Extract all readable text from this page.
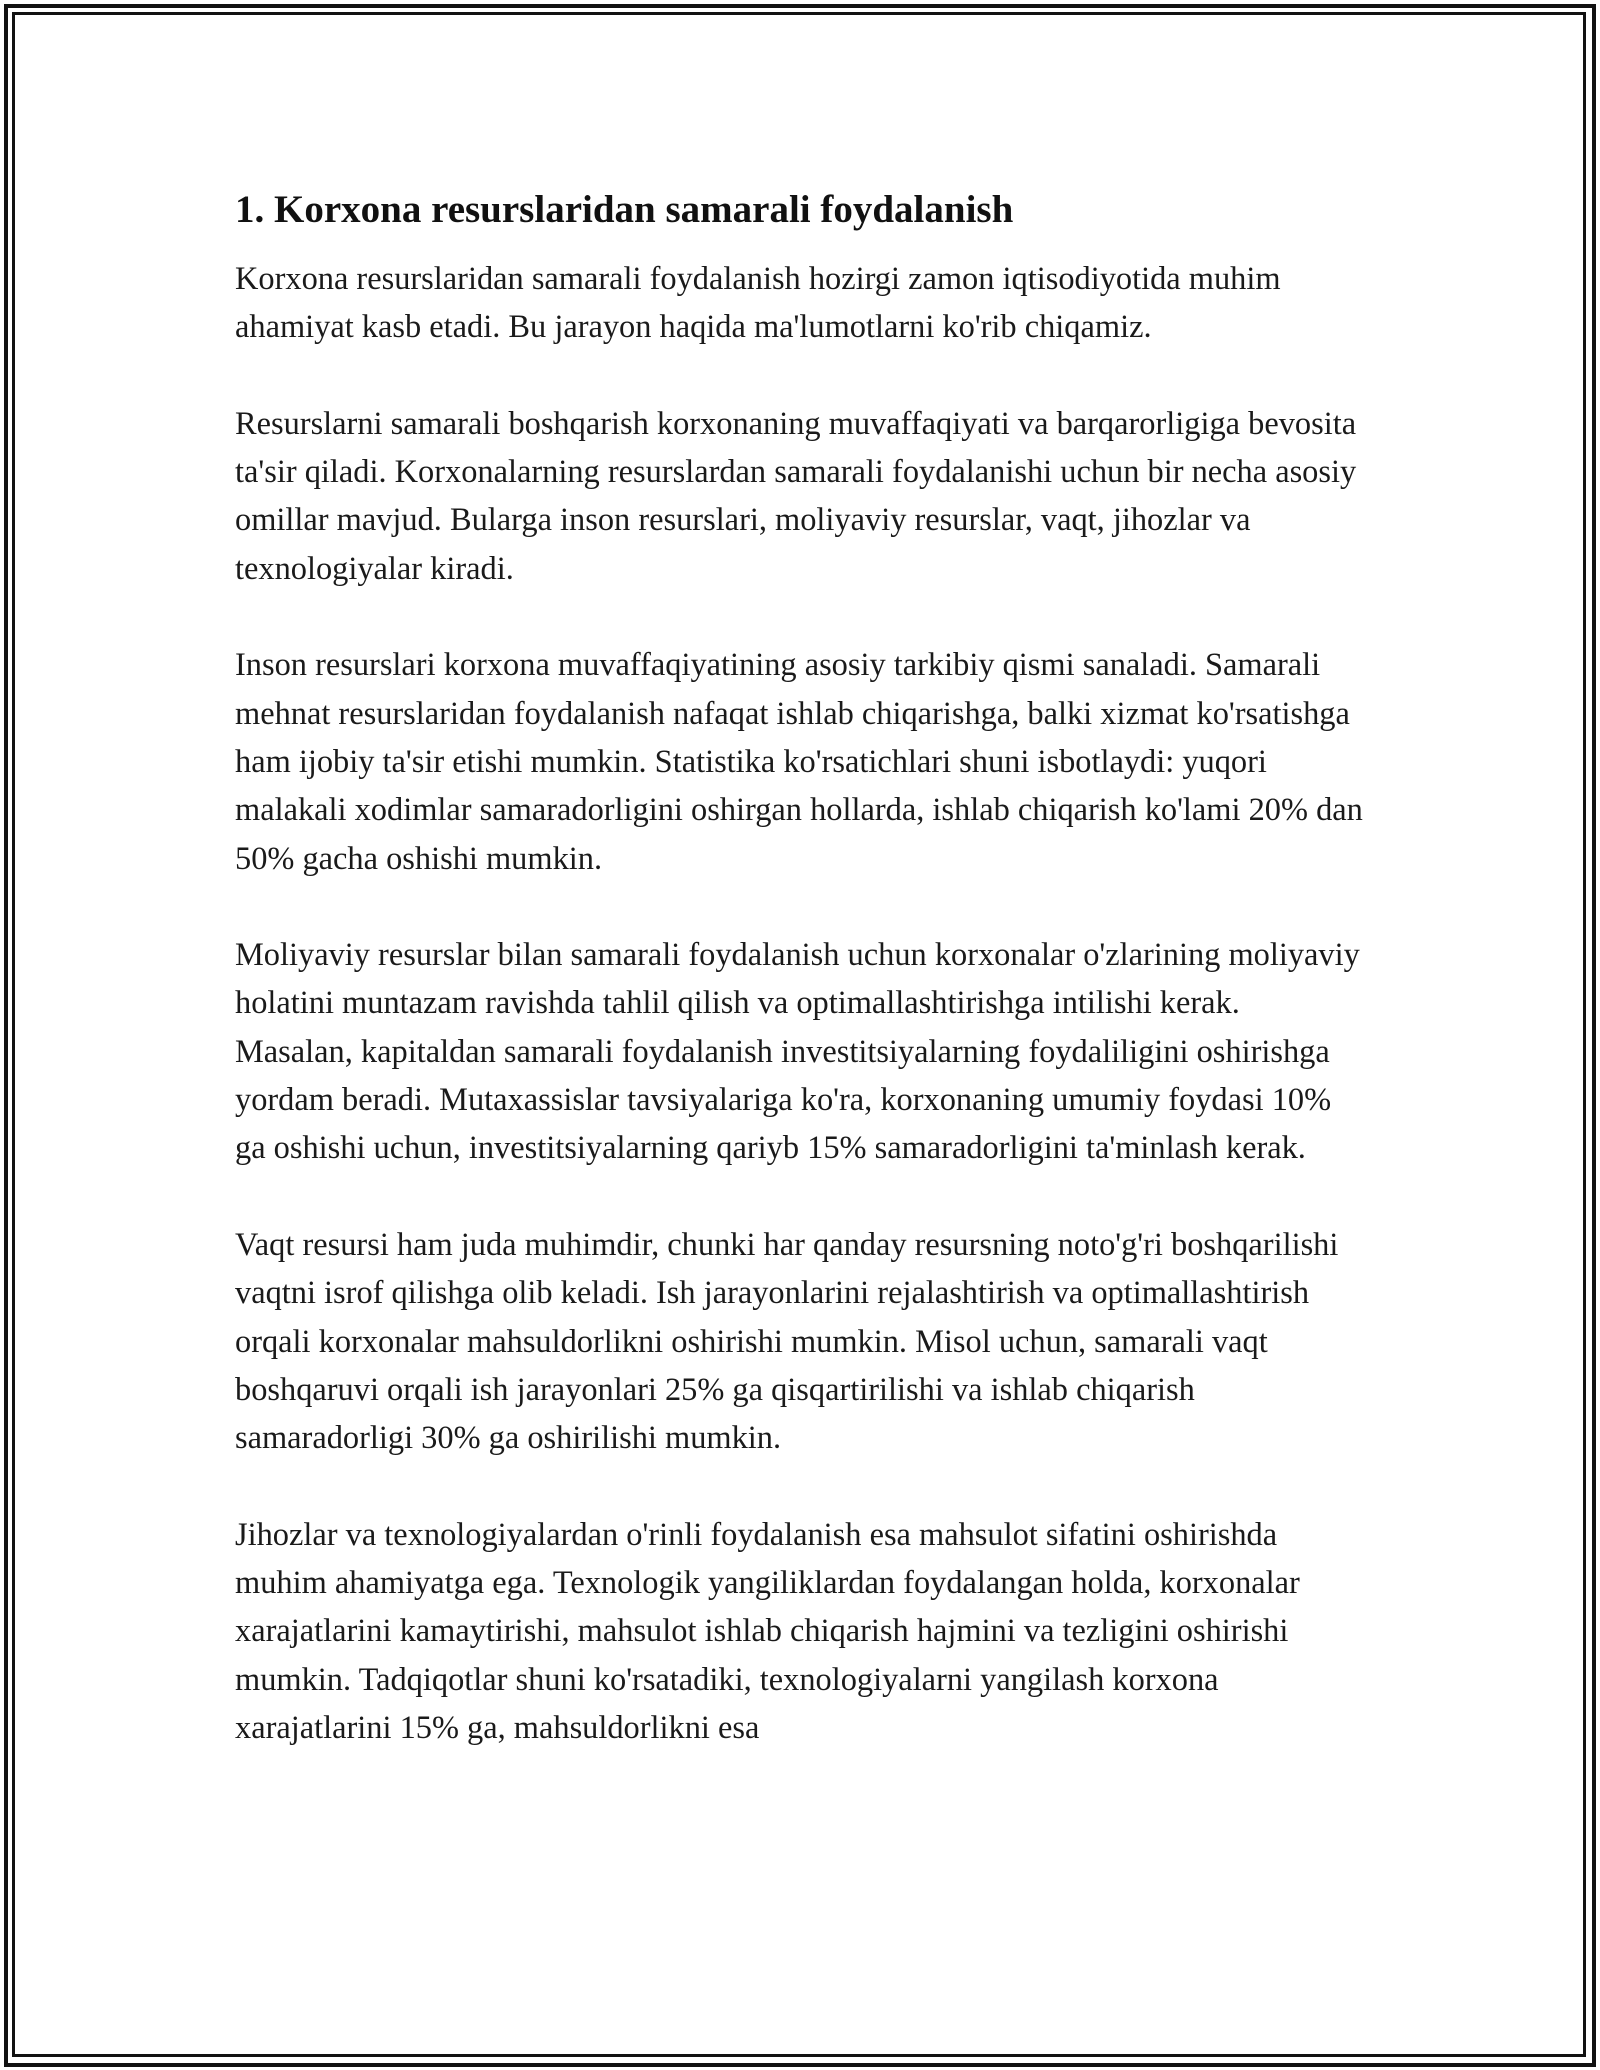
1. Korxona resurslaridan samarali foydalanish

Korxona resurslaridan samarali foydalanish hozirgi zamon iqtisodiyotida muhim ahamiyat kasb etadi. Bu jarayon haqida ma'lumotlarni ko'rib chiqamiz.

Resurslarni samarali boshqarish korxonaning muvaffaqiyati va barqarorligiga bevosita ta'sir qiladi. Korxonalarning resurslardan samarali foydalanishi uchun bir necha asosiy omillar mavjud. Bularga inson resurslari, moliyaviy resurslar, vaqt, jihozlar va texnologiyalar kiradi.

Inson resurslari korxona muvaffaqiyatining asosiy tarkibiy qismi sanaladi. Samarali mehnat resurslaridan foydalanish nafaqat ishlab chiqarishga, balki xizmat ko'rsatishga ham ijobiy ta'sir etishi mumkin. Statistika ko'rsatichlari shuni isbotlaydi: yuqori malakali xodimlar samaradorligini oshirgan hollarda, ishlab chiqarish ko'lami 20% dan 50% gacha oshishi mumkin.

Moliyaviy resurslar bilan samarali foydalanish uchun korxonalar o'zlarining moliyaviy holatini muntazam ravishda tahlil qilish va optimallashtirishga intilishi kerak. Masalan, kapitaldan samarali foydalanish investitsiyalarning foydaliligini oshirishga yordam beradi. Mutaxassislar tavsiyalariga ko'ra, korxonaning umumiy foydasi 10% ga oshishi uchun, investitsiyalarning qariyb 15% samaradorligini ta'minlash kerak.

Vaqt resursi ham juda muhimdir, chunki har qanday resursning noto'g'ri boshqarilishi vaqtni isrof qilishga olib keladi. Ish jarayonlarini rejalashtirish va optimallashtirish orqali korxonalar mahsuldorlikni oshirishi mumkin. Misol uchun, samarali vaqt boshqaruvi orqali ish jarayonlari 25% ga qisqartirilishi va ishlab chiqarish samaradorligi 30% ga oshirilishi mumkin.

Jihozlar va texnologiyalardan o'rinli foydalanish esa mahsulot sifatini oshirishda muhim ahamiyatga ega. Texnologik yangiliklardan foydalangan holda, korxonalar xarajatlarini kamaytirishi, mahsulot ishlab chiqarish hajmini va tezligini oshirishi mumkin. Tadqiqotlar shuni ko'rsatadiki, texnologiyalarni yangilash korxona xarajatlarini 15% ga, mahsuldorlikni esa
